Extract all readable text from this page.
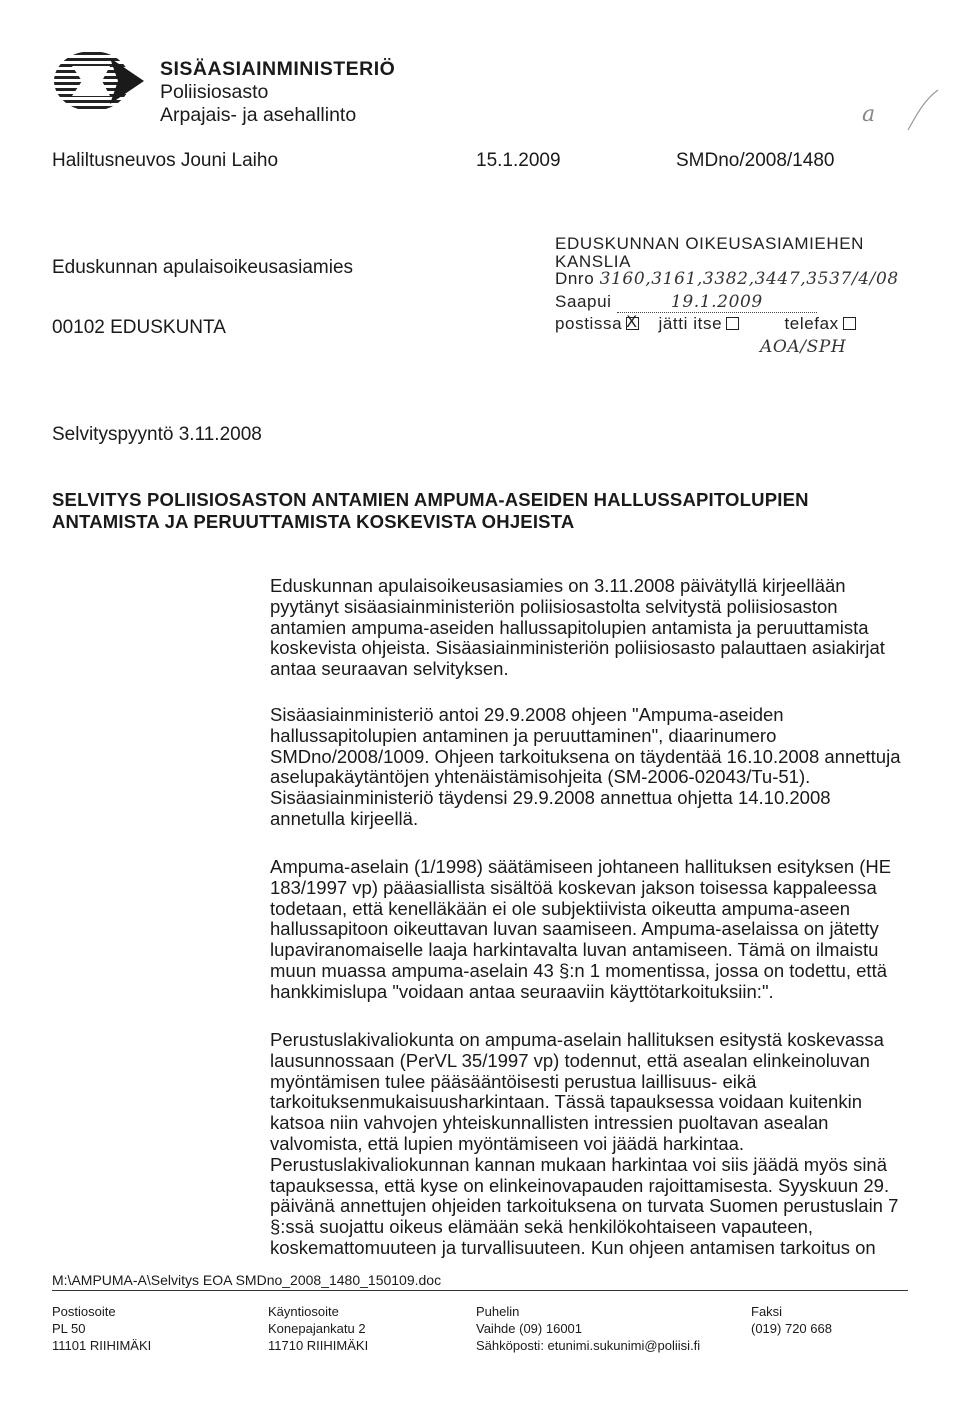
SISÄASIAINMINISTERIÖ
Poliisiosasto
Arpajais- ja asehallinto	a
Haliltusneuvos Jouni Laiho	15.1.2009	SMDno/2008/1480
Eduskunnan apulaisoikeusasiamies
00102 EDUSKUNTA
EDUSKUNNAN OIKEUSASIAMIEHEN
KANSLIA
Dnro 3160,3161,3382,3447,3537/4/08
Saapui	19.1.2009
postissaX jätti itse	telefax
AOA/SPH
Selvityspyyntö 3.11.2008
SELVITYS POLIISIOSASTON ANTAMIEN AMPUMA-ASEIDEN HALLUSSAPITOLUPIEN
ANTAMISTA JA PERUUTTAMISTA KOSKEVISTA OHJEISTA

Eduskunnan apulaisoikeusasiamies on 3.11.2008 päivätyllä kirjeellään

pyytänyt sisäasiainministeriön poliisiosastolta selvitystä poliisiosaston

antamien ampuma-aseiden hallussapitolupien antamista ja peruuttamista

koskevista ohjeista. Sisäasiainministeriön poliisiosasto palauttaen asiakirjat

antaa seuraavan selvityksen.

Sisäasiainministeriö antoi 29.9.2008 ohjeen "Ampuma-aseiden

hallussapitolupien antaminen ja peruuttaminen", diaarinumero

SMDno/2008/1009. Ohjeen tarkoituksena on täydentää 16.10.2008 annettuja

aselupakäytäntöjen yhtenäistämisohjeita (SM-2006-02043/Tu-51).

Sisäasiainministeriö täydensi 29.9.2008 annettua ohjetta 14.10.2008

annetulla kirjeellä.

Ampuma-aselain (1/1998) säätämiseen johtaneen hallituksen esityksen (HE

183/1997 vp) pääasiallista sisältöä koskevan jakson toisessa kappaleessa

todetaan, että kenelläkään ei ole subjektiivista oikeutta ampuma-aseen

hallussapitoon oikeuttavan luvan saamiseen. Ampuma-aselaissa on jätetty

lupaviranomaiselle laaja harkintavalta luvan antamiseen. Tämä on ilmaistu

muun muassa ampuma-aselain 43 §:n 1 momentissa, jossa on todettu, että

hankkimislupa "voidaan antaa seuraaviin käyttötarkoituksiin:".

Perustuslakivaliokunta on ampuma-aselain hallituksen esitystä koskevassa

lausunnossaan (PerVL 35/1997 vp) todennut, että asealan elinkeinoluvan

myöntämisen tulee pääsääntöisesti perustua laillisuus- eikä

tarkoituksenmukaisuusharkintaan. Tässä tapauksessa voidaan kuitenkin

katsoa niin vahvojen yhteiskunnallisten intressien puoltavan asealan

valvomista, että lupien myöntämiseen voi jäädä harkintaa.

Perustuslakivaliokunnan kannan mukaan harkintaa voi siis jäädä myös sinä

tapauksessa, että kyse on elinkeinovapauden rajoittamisesta. Syyskuun 29.

päivänä annettujen ohjeiden tarkoituksena on turvata Suomen perustuslain 7

§:ssä suojattu oikeus elämään sekä henkilökohtaiseen vapauteen,

koskemattomuuteen ja turvallisuuteen. Kun ohjeen antamisen tarkoitus on

M:\AMPUMA-A\Selvitys EOA SMDno_2008_1480_150109.doc
Postiosoite
PL 50
11101 RIIHIMÄKI
Käyntiosoite
Konepajankatu 2
11710 RIIHIMÄKI
Puhelin
Vaihde (09) 16001
Sähköposti: etunimi.sukunimi@poliisi.fi
Faksi
(019) 720 668
